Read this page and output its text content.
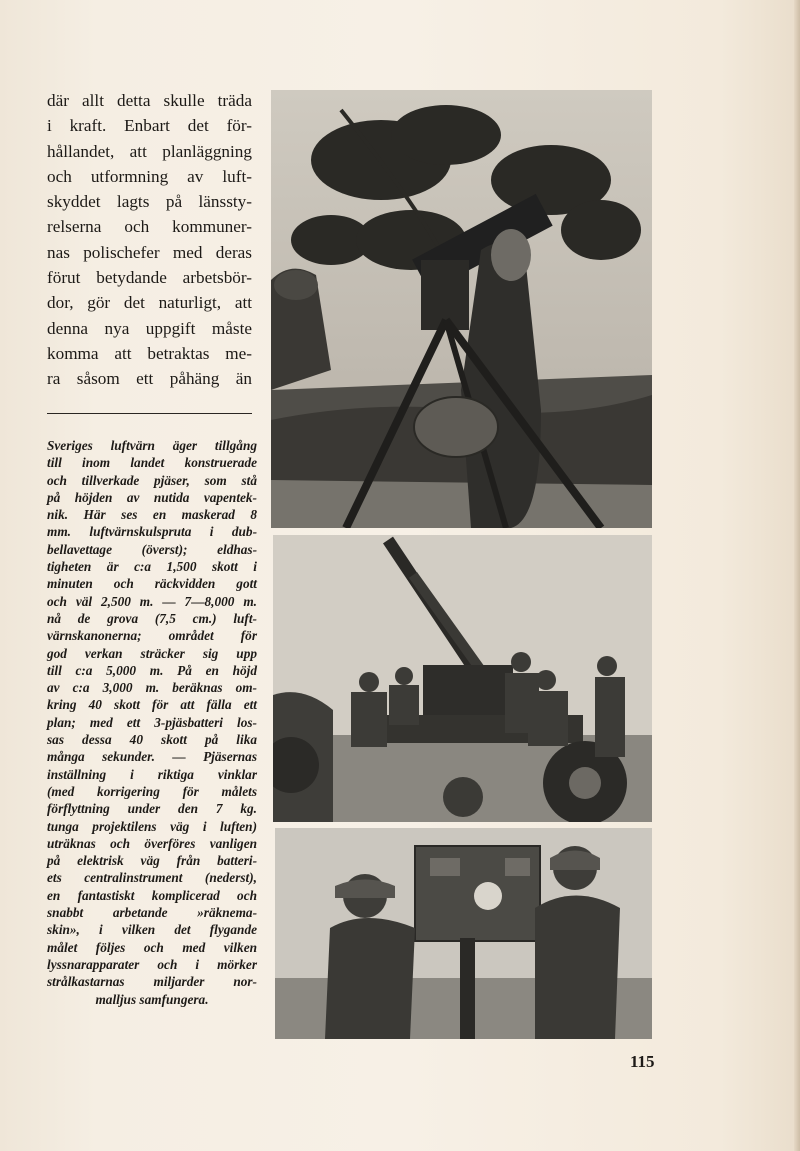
där allt detta skulle träda
i kraft. Enbart det för-
hållandet, att planläggning
och utformning av luft-
skyddet lagts på länssty-
relserna och kommuner-
nas polischefer med deras
förut betydande arbetsbör-
dor, gör det naturligt, att
denna nya uppgift måste
komma att betraktas me-
ra såsom ett påhäng än
Sveriges luftvärn äger tillgång
till inom landet konstruerade
och tillverkade pjäser, som stå
på höjden av nutida vapentek-
nik. Här ses en maskerad 8
mm. luftvärnskulspruta i dub-
bellavettage (överst); eldhas-
tigheten är c:a 1,500 skott i
minuten och räckvidden gott
och väl 2,500 m. — 7—8,000 m.
nå de grova (7,5 cm.) luft-
värnskanonerna; området för
god verkan sträcker sig upp
till c:a 5,000 m. På en höjd
av c:a 3,000 m. beräknas om-
kring 40 skott för att fälla ett
plan; med ett 3-pjäsbatteri los-
sas dessa 40 skott på lika
många sekunder. — Pjäsernas
inställning i riktiga vinklar
(med korrigering för målets
förflyttning under den 7 kg.
tunga projektilens väg i luften)
uträknas och överföres vanligen
på elektrisk väg från batteri-
ets centralinstrument (nederst),
en fantastiskt komplicerad och
snabbt arbetande »räknema-
skin», i vilken det flygande
målet följes och med vilken
lyssnarapparater och i mörker
strålkastarnas miljarder nor-
malljus samfungera.
115
